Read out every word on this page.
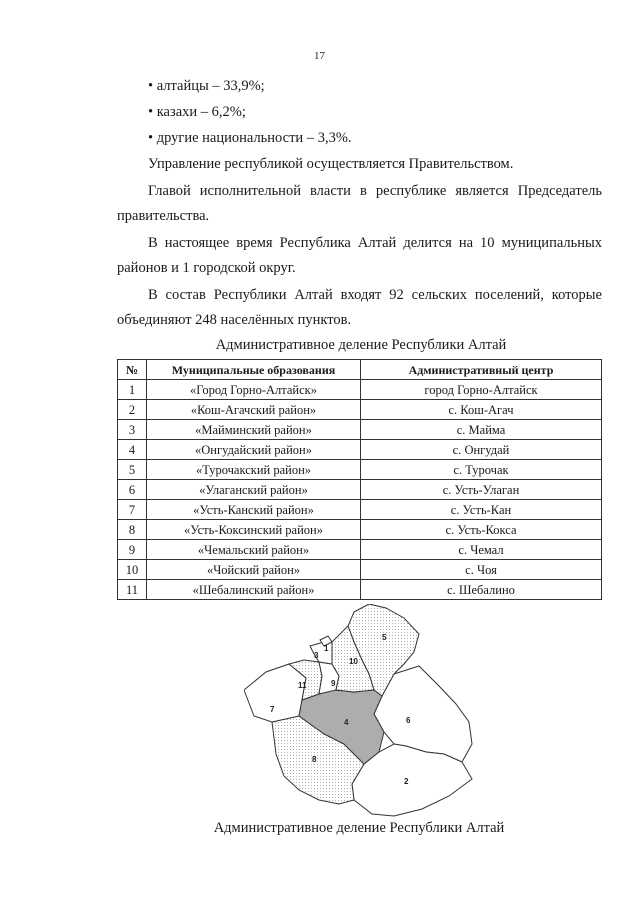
17
• алтайцы – 33,9%;
• казахи – 6,2%;
• другие национальности – 3,3%.
Управление республикой осуществляется Правительством.
Главой исполнительной власти в республике является Председатель
правительства.
В настоящее время Республика Алтай делится на 10 муниципальных
районов и 1 городской округ.
В состав Республики Алтай входят 92 сельских поселений, которые
объединяют 248 населённых пунктов.
Административное деление Республики Алтай
№	Муниципальные образования	Административный центр
1	«Город Горно-Алтайск»	город Горно-Алтайск
2	«Кош-Агачский район»	с. Кош-Агач
3	«Майминский район»	с. Майма
4	«Онгудайский район»	с. Онгудай
5	«Турочакский район»	с. Турочак
6	«Улаганский район»	с. Усть-Улаган
7	«Усть-Канский район»	с. Усть-Кан
8	«Усть-Коксинский район»	с. Усть-Кокса
9	«Чемальский район»	с. Чемал
10	«Чойский район»	с. Чоя
11	«Шебалинский район»	с. Шебалино
1
2
3
4
5
6
7
8
9
10
11
Административное деление Республики Алтай
